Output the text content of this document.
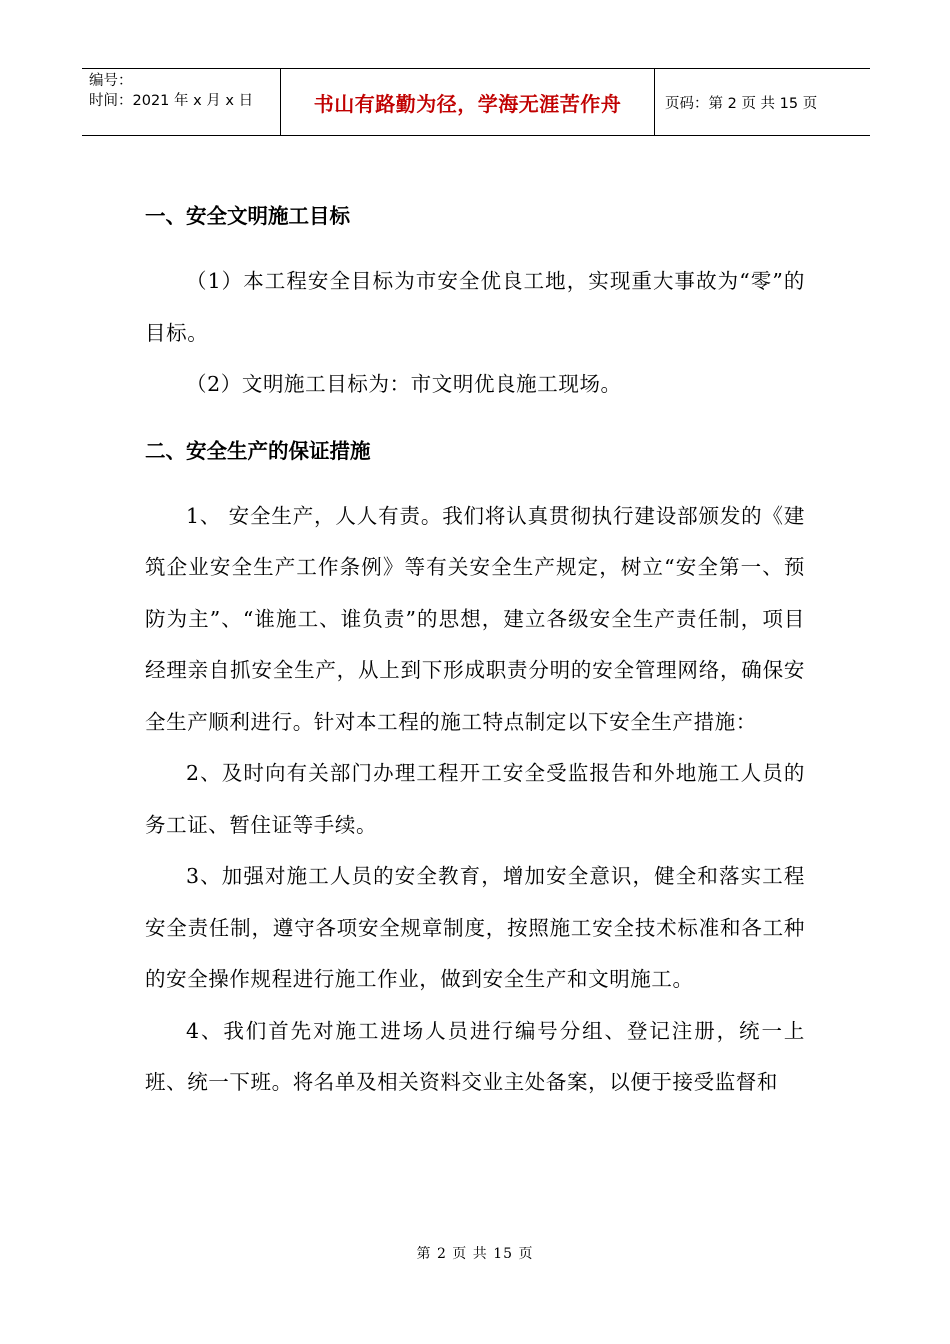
编号：
时间：2021 年 x 月 x 日	书山有路勤为径，学海无涯苦作舟	页码：第 2 页 共 15 页
一、安全文明施工目标

（1）本工程安全目标为市安全优良工地，实现重大事故为“零”的目标。

（2）文明施工目标为：市文明优良施工现场。

二、安全生产的保证措施

1、 安全生产，人人有责。我们将认真贯彻执行建设部颁发的《建筑企业安全生产工作条例》等有关安全生产规定，树立“安全第一、预防为主”、“谁施工、谁负责”的思想，建立各级安全生产责任制，项目经理亲自抓安全生产，从上到下形成职责分明的安全管理网络，确保安全生产顺利进行。针对本工程的施工特点制定以下安全生产措施：

2、及时向有关部门办理工程开工安全受监报告和外地施工人员的务工证、暂住证等手续。

3、加强对施工人员的安全教育，增加安全意识，健全和落实工程安全责任制，遵守各项安全规章制度，按照施工安全技术标准和各工种的安全操作规程进行施工作业，做到安全生产和文明施工。

4、我们首先对施工进场人员进行编号分组、登记注册，统一上班、统一下班。将名单及相关资料交业主处备案，以便于接受监督和

第 2 页 共 15 页
